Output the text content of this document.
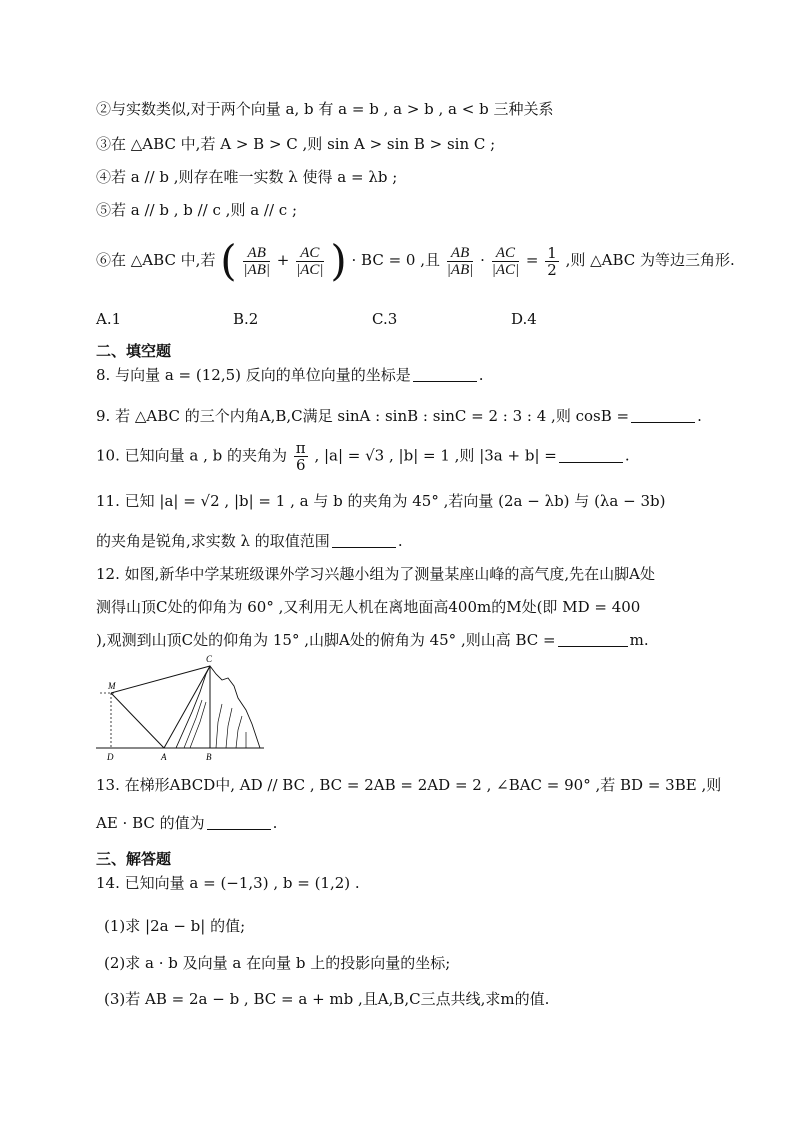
②与实数类似,对于两个向量 a, b 有 a = b , a > b , a < b 三种关系
③在 △ABC 中,若 A > B > C ,则 sin A > sin B > sin C ;
④若 a // b ,则存在唯一实数 λ 使得 a = λb ;
⑤若 a // b , b // c ,则 a // c ;
⑥在 △ABC 中,若 ( $\frac{AB}{|AB|} + \frac{AC}{|AC|}$ ) · BC = 0 ,且 $\frac{AB}{|AB|} \cdot \frac{AC}{|AC|} = \frac{1}{2}$ ,则 △ABC 为等边三角形.
A.1	B.2	C.3	D.4
二、填空题
8. 与向量 a = (12,5) 反向的单位向量的坐标是	.
9. 若 △ABC 的三个内角A,B,C满足 sinA : sinB : sinC = 2 : 3 : 4 ,则 cosB =	.
10. 已知向量 a , b 的夹角为 $\frac{\pi}{6}$ , |a| = √3 , |b| = 1 ,则 |3a + b| =	.
11. 已知 |a| = √2 , |b| = 1 , a 与 b 的夹角为 45° ,若向量 (2a − λb) 与 (λa − 3b)
的夹角是锐角,求实数 λ 的取值范围	.
12. 如图,新华中学某班级课外学习兴趣小组为了测量某座山峰的高气度,先在山脚A处
测得山顶C处的仰角为 60° ,又利用无人机在离地面高400m的M处(即 MD = 400
),观测到山顶C处的仰角为 15° ,山脚A处的俯角为 45° ,则山高 BC =	m.
C
M
D	A	B
13. 在梯形ABCD中, AD // BC , BC = 2AB = 2AD = 2 , ∠BAC = 90° ,若 BD = 3BE ,则
AE · BC 的值为	.
三、解答题
14. 已知向量 a = (−1,3) , b = (1,2) .
(1)求 |2a − b| 的值;
(2)求 a · b 及向量 a 在向量 b 上的投影向量的坐标;
(3)若 AB = 2a − b , BC = a + mb ,且A,B,C三点共线,求m的值.
